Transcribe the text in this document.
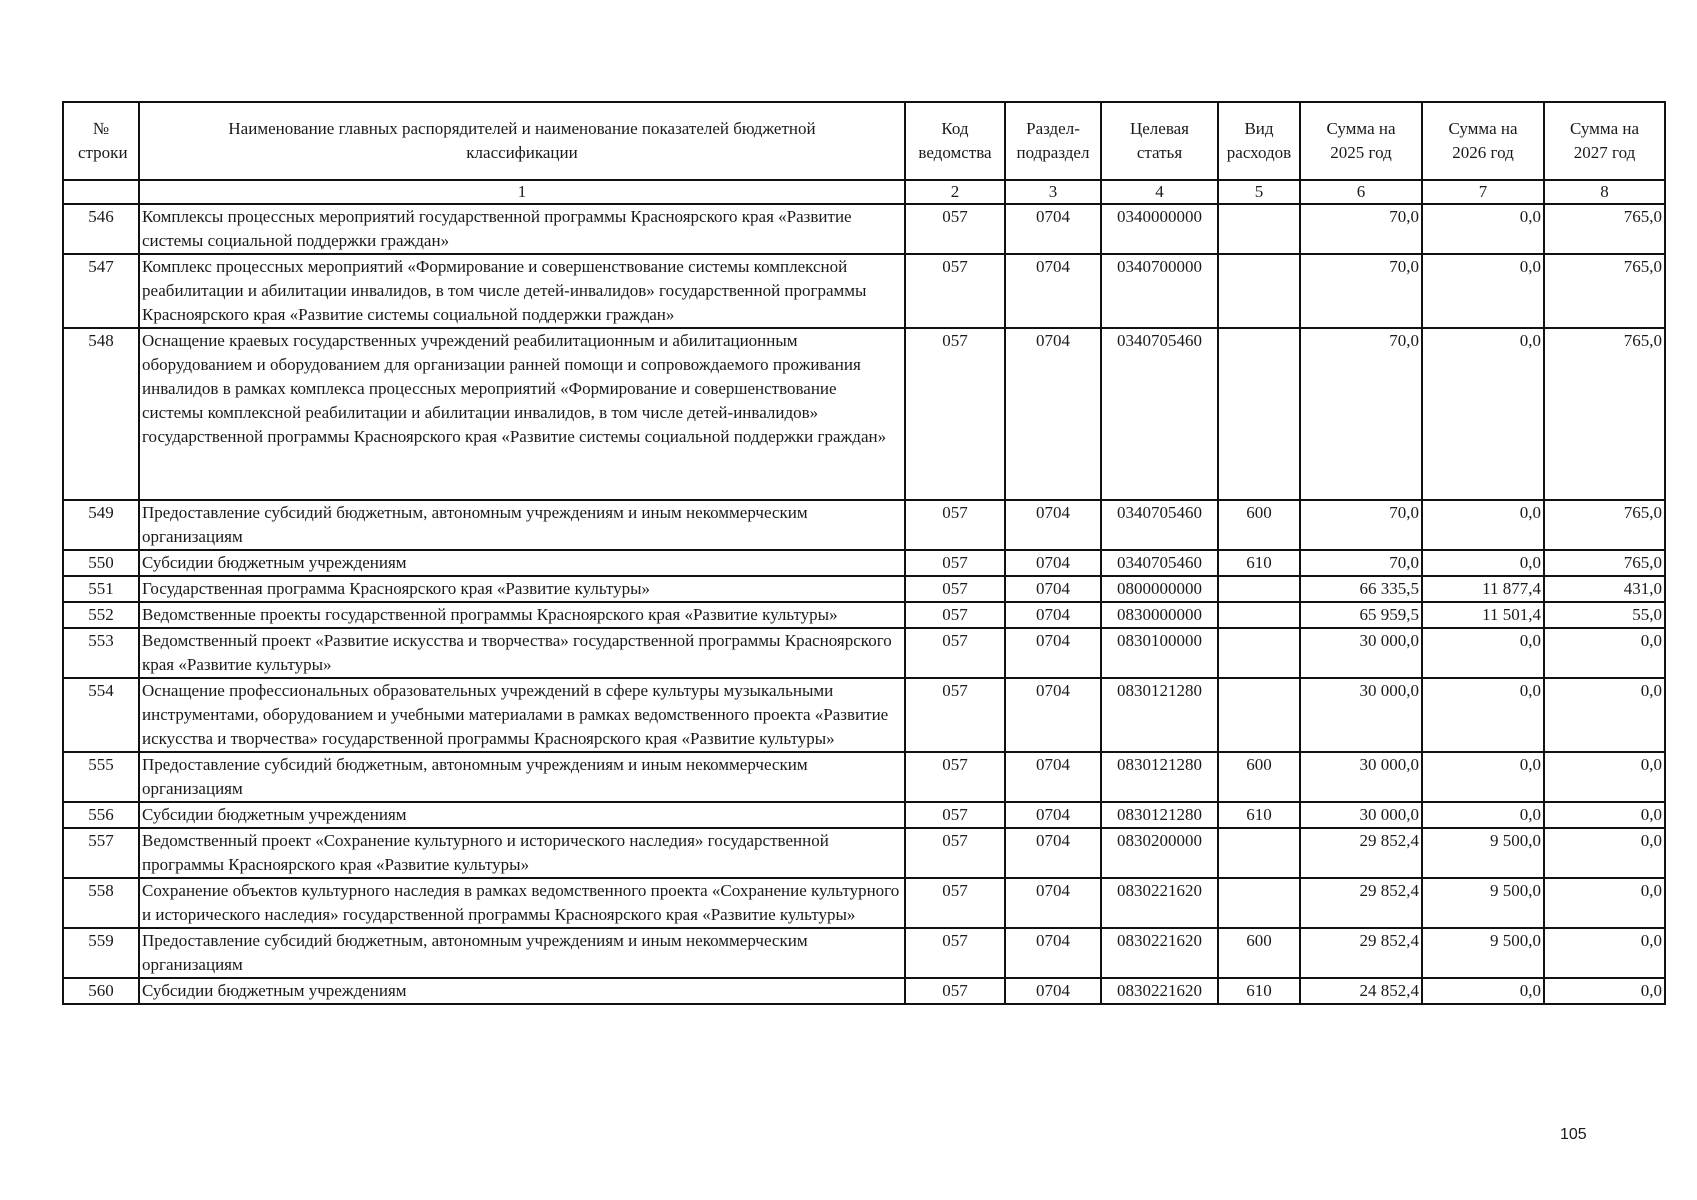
№ строки	Наименование главных распорядителей и наименование показателей бюджетной классификации	Код ведомства	Раздел-подраздел	Целевая статья	Вид расходов	Сумма на 2025 год	Сумма на 2026 год	Сумма на 2027 год
	1	2	3	4	5	6	7	8
546	Комплексы процессных мероприятий государственной программы Красноярского края «Развитие системы социальной поддержки граждан»	057	0704	0340000000		70,0	0,0	765,0
547	Комплекс процессных мероприятий «Формирование и совершенствование системы комплексной реабилитации и абилитации инвалидов, в том числе детей-инвалидов» государственной программы Красноярского края «Развитие системы социальной поддержки граждан»	057	0704	0340700000		70,0	0,0	765,0
548	Оснащение краевых государственных учреждений реабилитационным и абилитационным оборудованием и оборудованием для организации ранней помощи и сопровождаемого проживания инвалидов в рамках комплекса процессных мероприятий «Формирование и совершенствование системы комплексной реабилитации и абилитации инвалидов, в том числе детей-инвалидов» государственной программы Красноярского края «Развитие системы социальной поддержки граждан»	057	0704	0340705460		70,0	0,0	765,0
549	Предоставление субсидий бюджетным, автономным учреждениям и иным некоммерческим организациям	057	0704	0340705460	600	70,0	0,0	765,0
550	Субсидии бюджетным учреждениям	057	0704	0340705460	610	70,0	0,0	765,0
551	Государственная программа Красноярского края «Развитие культуры»	057	0704	0800000000		66 335,5	11 877,4	431,0
552	Ведомственные проекты государственной программы Красноярского края «Развитие культуры»	057	0704	0830000000		65 959,5	11 501,4	55,0
553	Ведомственный проект «Развитие искусства и творчества» государственной программы Красноярского края «Развитие культуры»	057	0704	0830100000		30 000,0	0,0	0,0
554	Оснащение профессиональных образовательных учреждений в сфере культуры музыкальными инструментами, оборудованием и учебными материалами в рамках ведомственного проекта «Развитие искусства и творчества» государственной программы Красноярского края «Развитие культуры»	057	0704	0830121280		30 000,0	0,0	0,0
555	Предоставление субсидий бюджетным, автономным учреждениям и иным некоммерческим организациям	057	0704	0830121280	600	30 000,0	0,0	0,0
556	Субсидии бюджетным учреждениям	057	0704	0830121280	610	30 000,0	0,0	0,0
557	Ведомственный проект «Сохранение культурного и исторического наследия» государственной программы Красноярского края «Развитие культуры»	057	0704	0830200000		29 852,4	9 500,0	0,0
558	Сохранение объектов культурного наследия в рамках ведомственного проекта «Сохранение культурного и исторического наследия» государственной программы Красноярского края «Развитие культуры»	057	0704	0830221620		29 852,4	9 500,0	0,0
559	Предоставление субсидий бюджетным, автономным учреждениям и иным некоммерческим организациям	057	0704	0830221620	600	29 852,4	9 500,0	0,0
560	Субсидии бюджетным учреждениям	057	0704	0830221620	610	24 852,4	0,0	0,0
105
